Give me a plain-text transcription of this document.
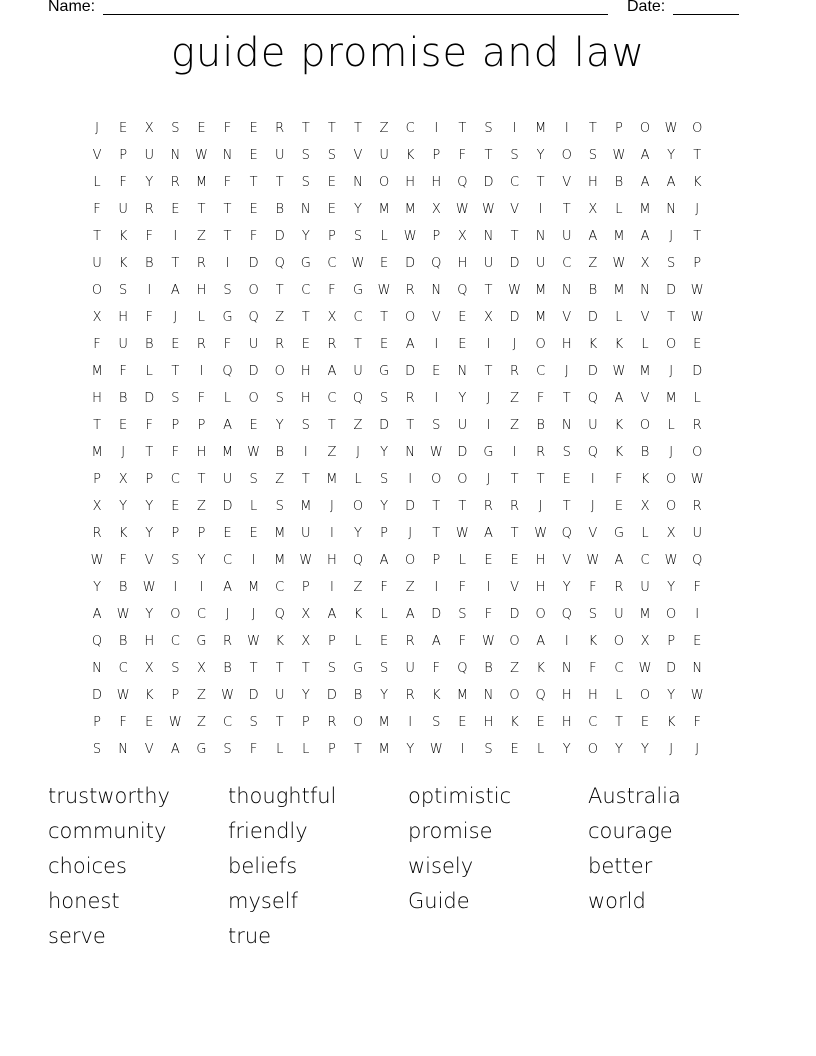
Name:	Date:
guide promise and law
J	E	X	S	E	F	E	R	T	T	T	Z	C	I	T	S	I	M	I	T	P	O	W	O
V	P	U	N	W	N	E	U	S	S	V	U	K	P	F	T	S	Y	O	S	W	A	Y	T
L	F	Y	R	M	F	T	T	S	E	N	O	H	H	Q	D	C	T	V	H	B	A	A	K
F	U	R	E	T	T	E	B	N	E	Y	M	M	X	W	W	V	I	T	X	L	M	N	J
T	K	F	I	Z	T	F	D	Y	P	S	L	W	P	X	N	T	N	U	A	M	A	J	T
U	K	B	T	R	I	D	Q	G	C	W	E	D	Q	H	U	D	U	C	Z	W	X	S	P
O	S	I	A	H	S	O	T	C	F	G	W	R	N	Q	T	W	M	N	B	M	N	D	W
X	H	F	J	L	G	Q	Z	T	X	C	T	O	V	E	X	D	M	V	D	L	V	T	W
F	U	B	E	R	F	U	R	E	R	T	E	A	I	E	I	J	O	H	K	K	L	O	E
M	F	L	T	I	Q	D	O	H	A	U	G	D	E	N	T	R	C	J	D	W	M	J	D
H	B	D	S	F	L	O	S	H	C	Q	S	R	I	Y	J	Z	F	T	Q	A	V	M	L
T	E	F	P	P	A	E	Y	S	T	Z	D	T	S	U	I	Z	B	N	U	K	O	L	R
M	J	T	F	H	M	W	B	I	Z	J	Y	N	W	D	G	I	R	S	Q	K	B	J	O
P	X	P	C	T	U	S	Z	T	M	L	S	I	O	O	J	T	T	E	I	F	K	O	W
X	Y	Y	E	Z	D	L	S	M	J	O	Y	D	T	T	R	R	J	T	J	E	X	O	R
R	K	Y	P	P	E	E	M	U	I	Y	P	J	T	W	A	T	W	Q	V	G	L	X	U
W	F	V	S	Y	C	I	M	W	H	Q	A	O	P	L	E	E	H	V	W	A	C	W	Q
Y	B	W	I	I	A	M	C	P	I	Z	F	Z	I	F	I	V	H	Y	F	R	U	Y	F
A	W	Y	O	C	J	J	Q	X	A	K	L	A	D	S	F	D	O	Q	S	U	M	O	I
Q	B	H	C	G	R	W	K	X	P	L	E	R	A	F	W	O	A	I	K	O	X	P	E
N	C	X	S	X	B	T	T	T	S	G	S	U	F	Q	B	Z	K	N	F	C	W	D	N
D	W	K	P	Z	W	D	U	Y	D	B	Y	R	K	M	N	O	Q	H	H	L	O	Y	W
P	F	E	W	Z	C	S	T	P	R	O	M	I	S	E	H	K	E	H	C	T	E	K	F
S	N	V	A	G	S	F	L	L	P	T	M	Y	W	I	S	E	L	Y	O	Y	Y	J	J
trustworthy	thoughtful	optimistic	Australia
community	friendly	promise	courage
choices	beliefs	wisely	better
honest	myself	Guide	world
serve	true
